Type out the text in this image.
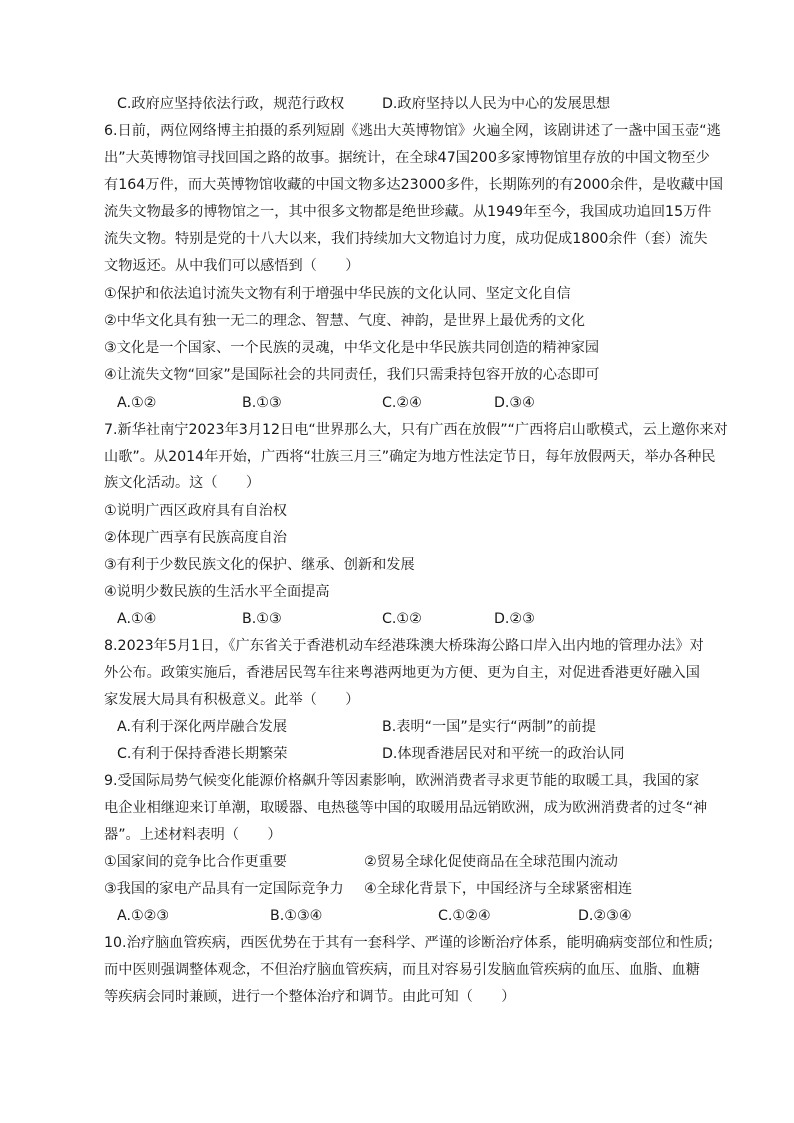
C.政府应坚持依法行政，规范行政权	D.政府坚持以人民为中心的发展思想
6.日前，两位网络博主拍摄的系列短剧《逃出大英博物馆》火遍全网，该剧讲述了一盏中国玉壶“逃
出”大英博物馆寻找回国之路的故事。据统计，在全球47国200多家博物馆里存放的中国文物至少
有164万件，而大英博物馆收藏的中国文物多达23000多件，长期陈列的有2000余件，是收藏中国
流失文物最多的博物馆之一，其中很多文物都是绝世珍藏。从1949年至今，我国成功追回15万件
流失文物。特别是党的十八大以来，我们持续加大文物追讨力度，成功促成1800余件（套）流失
文物返还。从中我们可以感悟到（　　）
①保护和依法追讨流失文物有利于增强中华民族的文化认同、坚定文化自信
②中华文化具有独一无二的理念、智慧、气度、神韵，是世界上最优秀的文化
③文化是一个国家、一个民族的灵魂，中华文化是中华民族共同创造的精神家园
④让流失文物“回家”是国际社会的共同责任，我们只需秉持包容开放的心态即可
A.①②	B.①③	C.②④	D.③④
7.新华社南宁2023年3月12日电“世界那么大，只有广西在放假”“广西将启山歌模式，云上邀你来对
山歌”。从2014年开始，广西将“壮族三月三”确定为地方性法定节日，每年放假两天，举办各种民
族文化活动。这（　　）
①说明广西区政府具有自治权
②体现广西享有民族高度自治
③有利于少数民族文化的保护、继承、创新和发展
④说明少数民族的生活水平全面提高
A.①④	B.①③	C.①②	D.②③
8.2023年5月1日，《广东省关于香港机动车经港珠澳大桥珠海公路口岸入出内地的管理办法》对
外公布。政策实施后，香港居民驾车往来粤港两地更为方便、更为自主，对促进香港更好融入国
家发展大局具有积极意义。此举（　　）
A.有利于深化两岸融合发展	B.表明“一国”是实行“两制”的前提
C.有利于保持香港长期繁荣	D.体现香港居民对和平统一的政治认同
9.受国际局势气候变化能源价格飙升等因素影响，欧洲消费者寻求更节能的取暖工具，我国的家
电企业相继迎来订单潮，取暖器、电热毯等中国的取暖用品远销欧洲，成为欧洲消费者的过冬“神
器”。上述材料表明（　　）
①国家间的竞争比合作更重要	②贸易全球化促使商品在全球范围内流动
③我国的家电产品具有一定国际竞争力 ④全球化背景下，中国经济与全球紧密相连
A.①②③	B.①③④	C.①②④	D.②③④
10.治疗脑血管疾病，西医优势在于其有一套科学、严谨的诊断治疗体系，能明确病变部位和性质;
而中医则强调整体观念，不但治疗脑血管疾病，而且对容易引发脑血管疾病的血压、血脂、血糖
等疾病会同时兼顾，进行一个整体治疗和调节。由此可知（　　）
